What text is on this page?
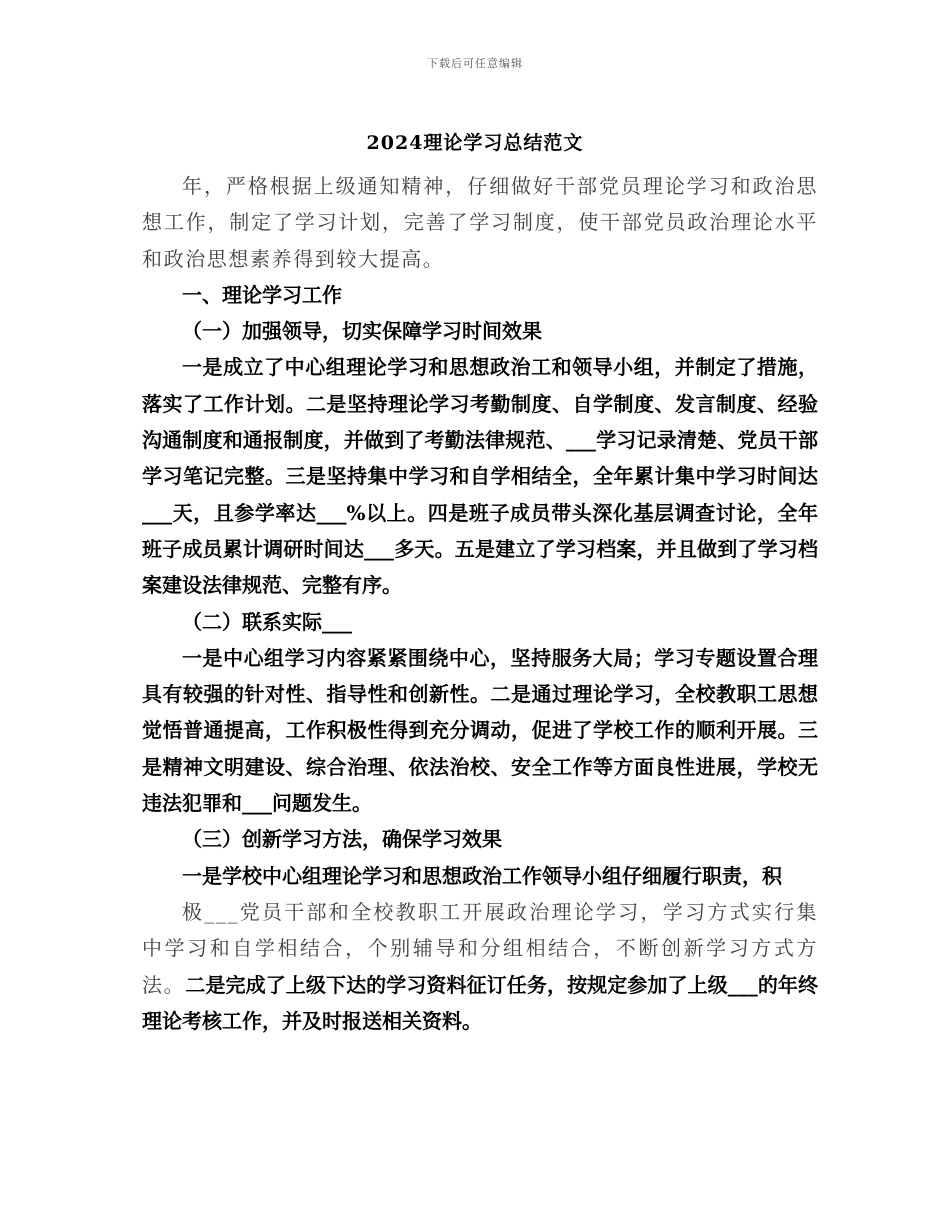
下载后可任意编辑
2024理论学习总结范文

年，严格根据上级通知精神，仔细做好干部党员理论学习和政治思想工作，制定了学习计划，完善了学习制度，使干部党员政治理论水平和政治思想素养得到较大提高。

一、理论学习工作

（一）加强领导，切实保障学习时间效果

一是成立了中心组理论学习和思想政治工和领导小组，并制定了措施，落实了工作计划。二是坚持理论学习考勤制度、自学制度、发言制度、经验沟通制度和通报制度，并做到了考勤法律规范、___学习记录清楚、党员干部学习笔记完整。三是坚持集中学习和自学相结全，全年累计集中学习时间达___天，且参学率达___%以上。四是班子成员带头深化基层调查讨论，全年班子成员累计调研时间达___多天。五是建立了学习档案，并且做到了学习档案建设法律规范、完整有序。

（二）联系实际___

一是中心组学习内容紧紧围绕中心，坚持服务大局；学习专题设置合理具有较强的针对性、指导性和创新性。二是通过理论学习，全校教职工思想觉悟普通提高，工作积极性得到充分调动，促进了学校工作的顺利开展。三是精神文明建设、综合治理、依法治校、安全工作等方面良性进展，学校无违法犯罪和___问题发生。

（三）创新学习方法，确保学习效果

一是学校中心组理论学习和思想政治工作领导小组仔细履行职责，积

极___党员干部和全校教职工开展政治理论学习，学习方式实行集中学习和自学相结合，个别辅导和分组相结合，不断创新学习方式方法。二是完成了上级下达的学习资料征订任务，按规定参加了上级___的年终理论考核工作，并及时报送相关资料。
